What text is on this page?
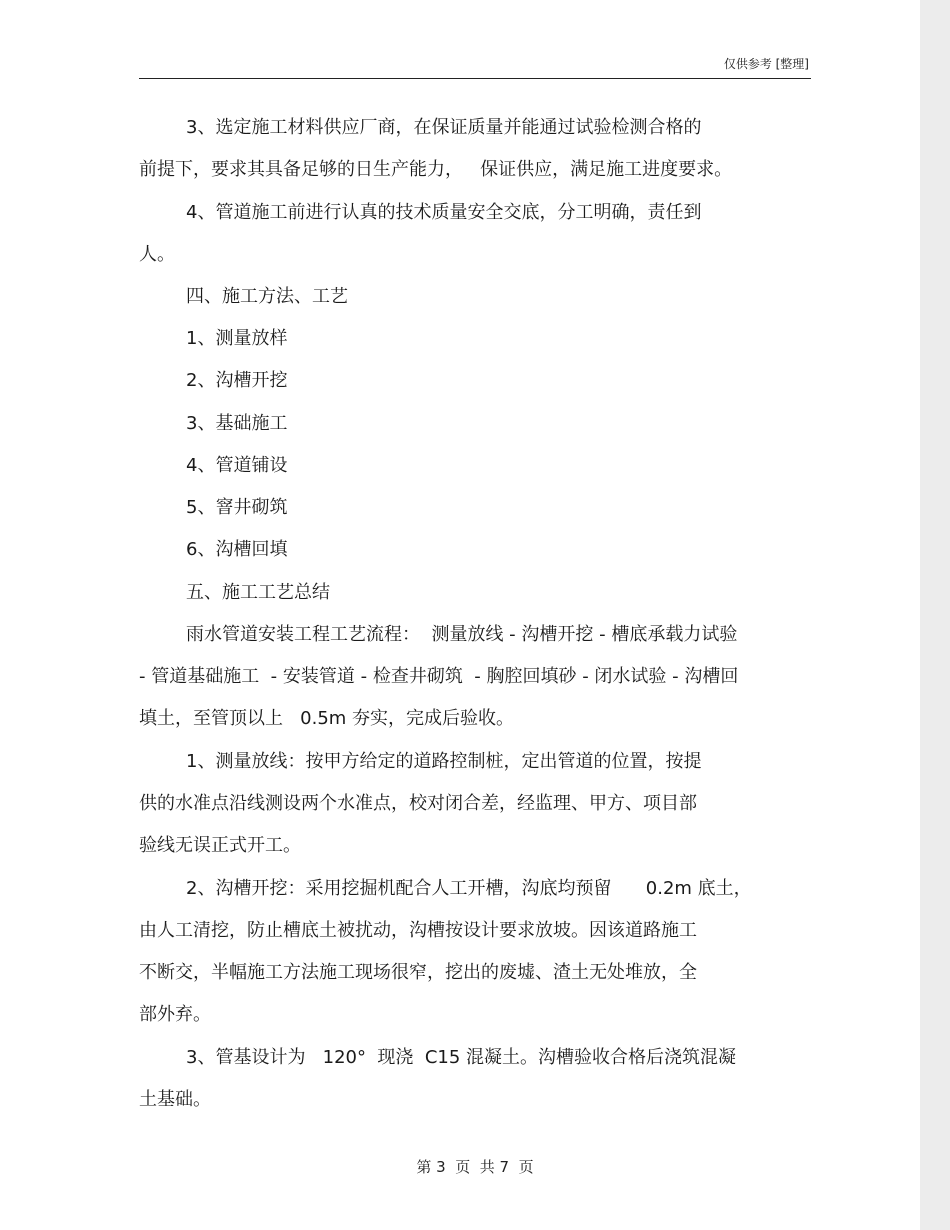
仅供参考 [整理]
3、选定施工材料供应厂商，在保证质量并能通过试验检测合格的
前提下，要求其具备足够的日生产能力，   保证供应，满足施工进度要求。
4、管道施工前进行认真的技术质量安全交底，分工明确，责任到
人。
四、施工方法、工艺
1、测量放样
2、沟槽开挖
3、基础施工
4、管道铺设
5、窨井砌筑
6、沟槽回填
五、施工工艺总结
雨水管道安装工程工艺流程：  测量放线 - 沟槽开挖 - 槽底承载力试验
- 管道基础施工  - 安装管道 - 检查井砌筑  - 胸腔回填砂 - 闭水试验 - 沟槽回
填土，至管顶以上   0.5m 夯实，完成后验收。
1、测量放线：按甲方给定的道路控制桩，定出管道的位置，按提
供的水准点沿线测设两个水准点，校对闭合差，经监理、甲方、项目部
验线无误正式开工。
2、沟槽开挖：采用挖掘机配合人工开槽，沟底均预留      0.2m 底土，
由人工清挖，防止槽底土被扰动，沟槽按设计要求放坡。因该道路施工
不断交，半幅施工方法施工现场很窄，挖出的废墟、渣土无处堆放，全
部外弃。
3、管基设计为   120°  现浇  C15 混凝土。沟槽验收合格后浇筑混凝
土基础。
第 3  页  共 7  页
